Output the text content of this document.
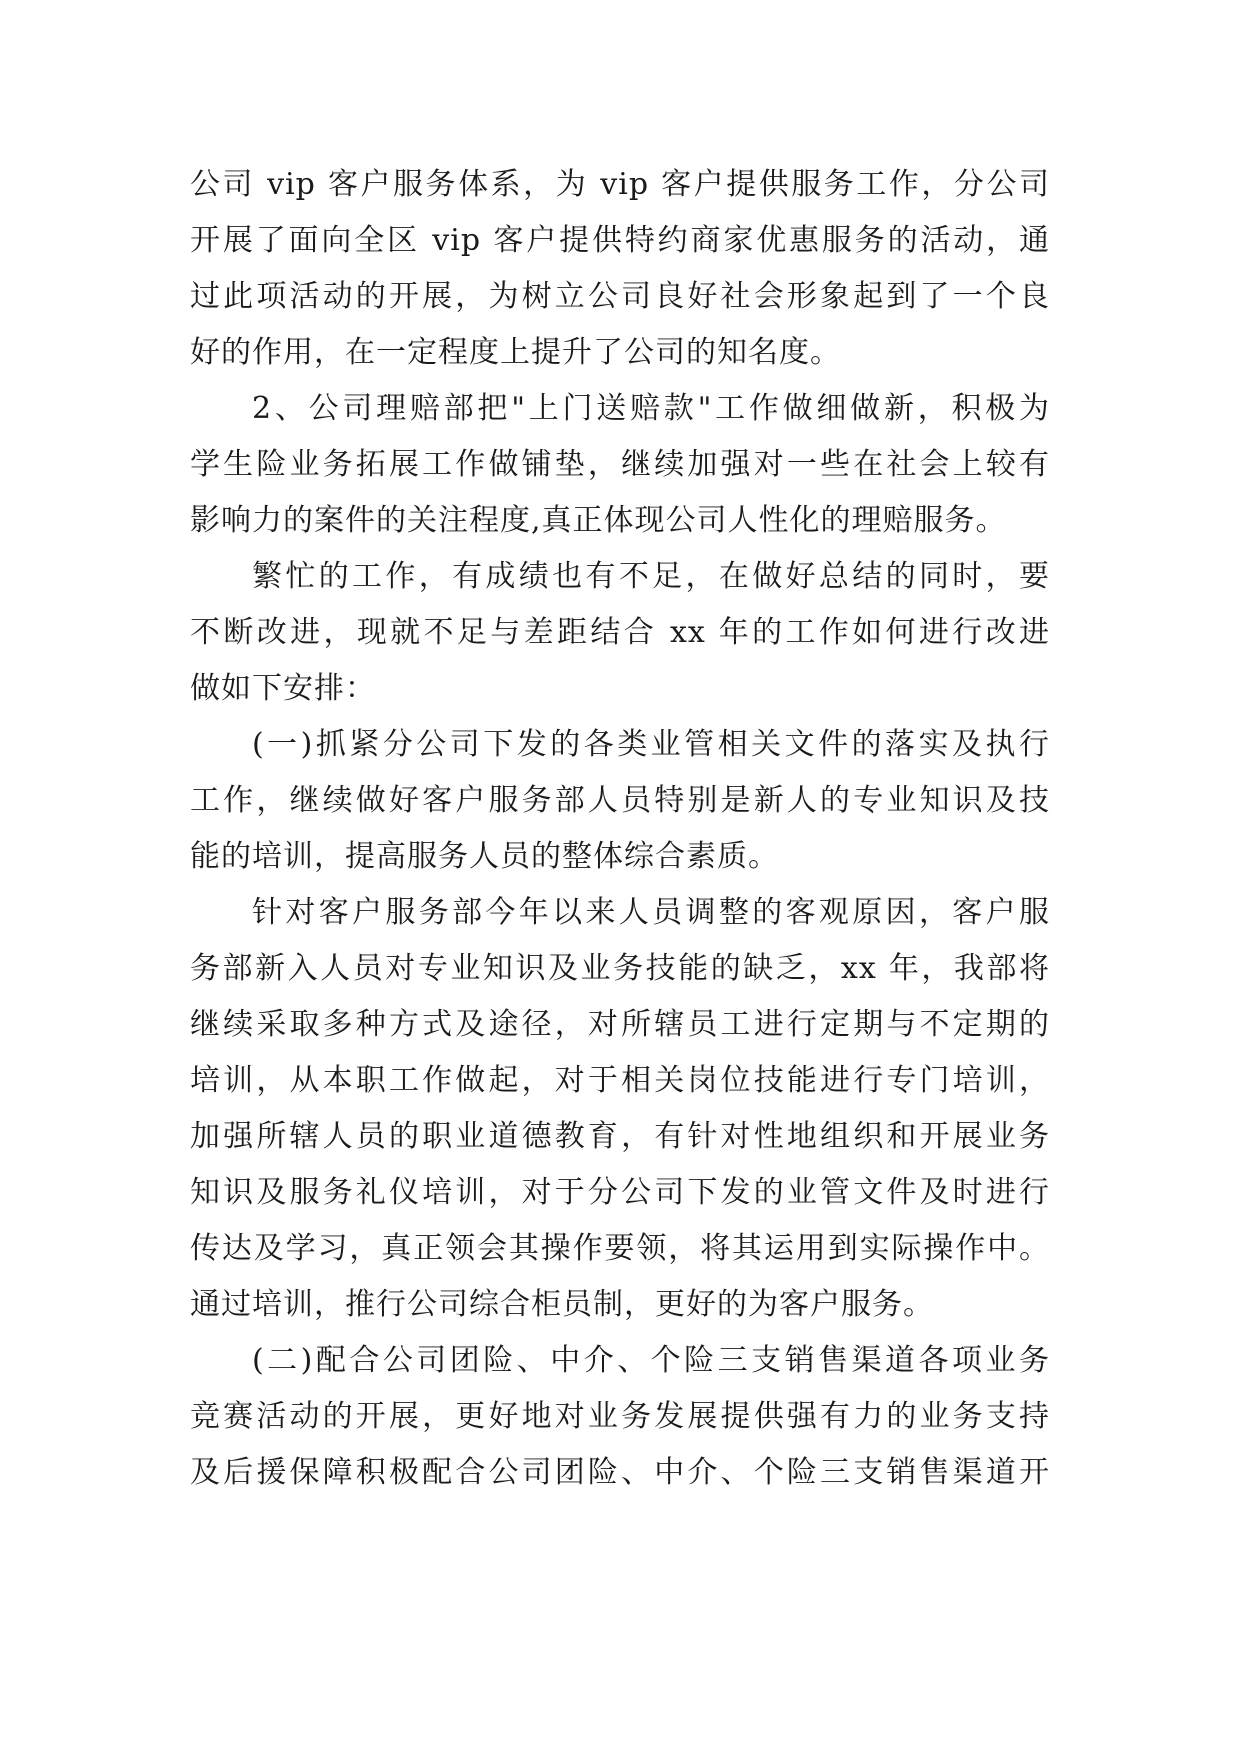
公司 vip 客户服务体系，为 vip 客户提供服务工作，分公司
开展了面向全区 vip 客户提供特约商家优惠服务的活动，通
过此项活动的开展，为树立公司良好社会形象起到了一个良
好的作用，在一定程度上提升了公司的知名度。
2、公司理赔部把"上门送赔款"工作做细做新，积极为
学生险业务拓展工作做铺垫，继续加强对一些在社会上较有
影响力的案件的关注程度,真正体现公司人性化的理赔服务。
繁忙的工作，有成绩也有不足，在做好总结的同时，要
不断改进，现就不足与差距结合 xx 年的工作如何进行改进
做如下安排：
(一)抓紧分公司下发的各类业管相关文件的落实及执行
工作，继续做好客户服务部人员特别是新人的专业知识及技
能的培训，提高服务人员的整体综合素质。
针对客户服务部今年以来人员调整的客观原因，客户服
务部新入人员对专业知识及业务技能的缺乏，xx 年，我部将
继续采取多种方式及途径，对所辖员工进行定期与不定期的
培训，从本职工作做起，对于相关岗位技能进行专门培训，
加强所辖人员的职业道德教育，有针对性地组织和开展业务
知识及服务礼仪培训，对于分公司下发的业管文件及时进行
传达及学习，真正领会其操作要领，将其运用到实际操作中。
通过培训，推行公司综合柜员制，更好的为客户服务。
(二)配合公司团险、中介、个险三支销售渠道各项业务
竞赛活动的开展，更好地对业务发展提供强有力的业务支持
及后援保障积极配合公司团险、中介、个险三支销售渠道开
